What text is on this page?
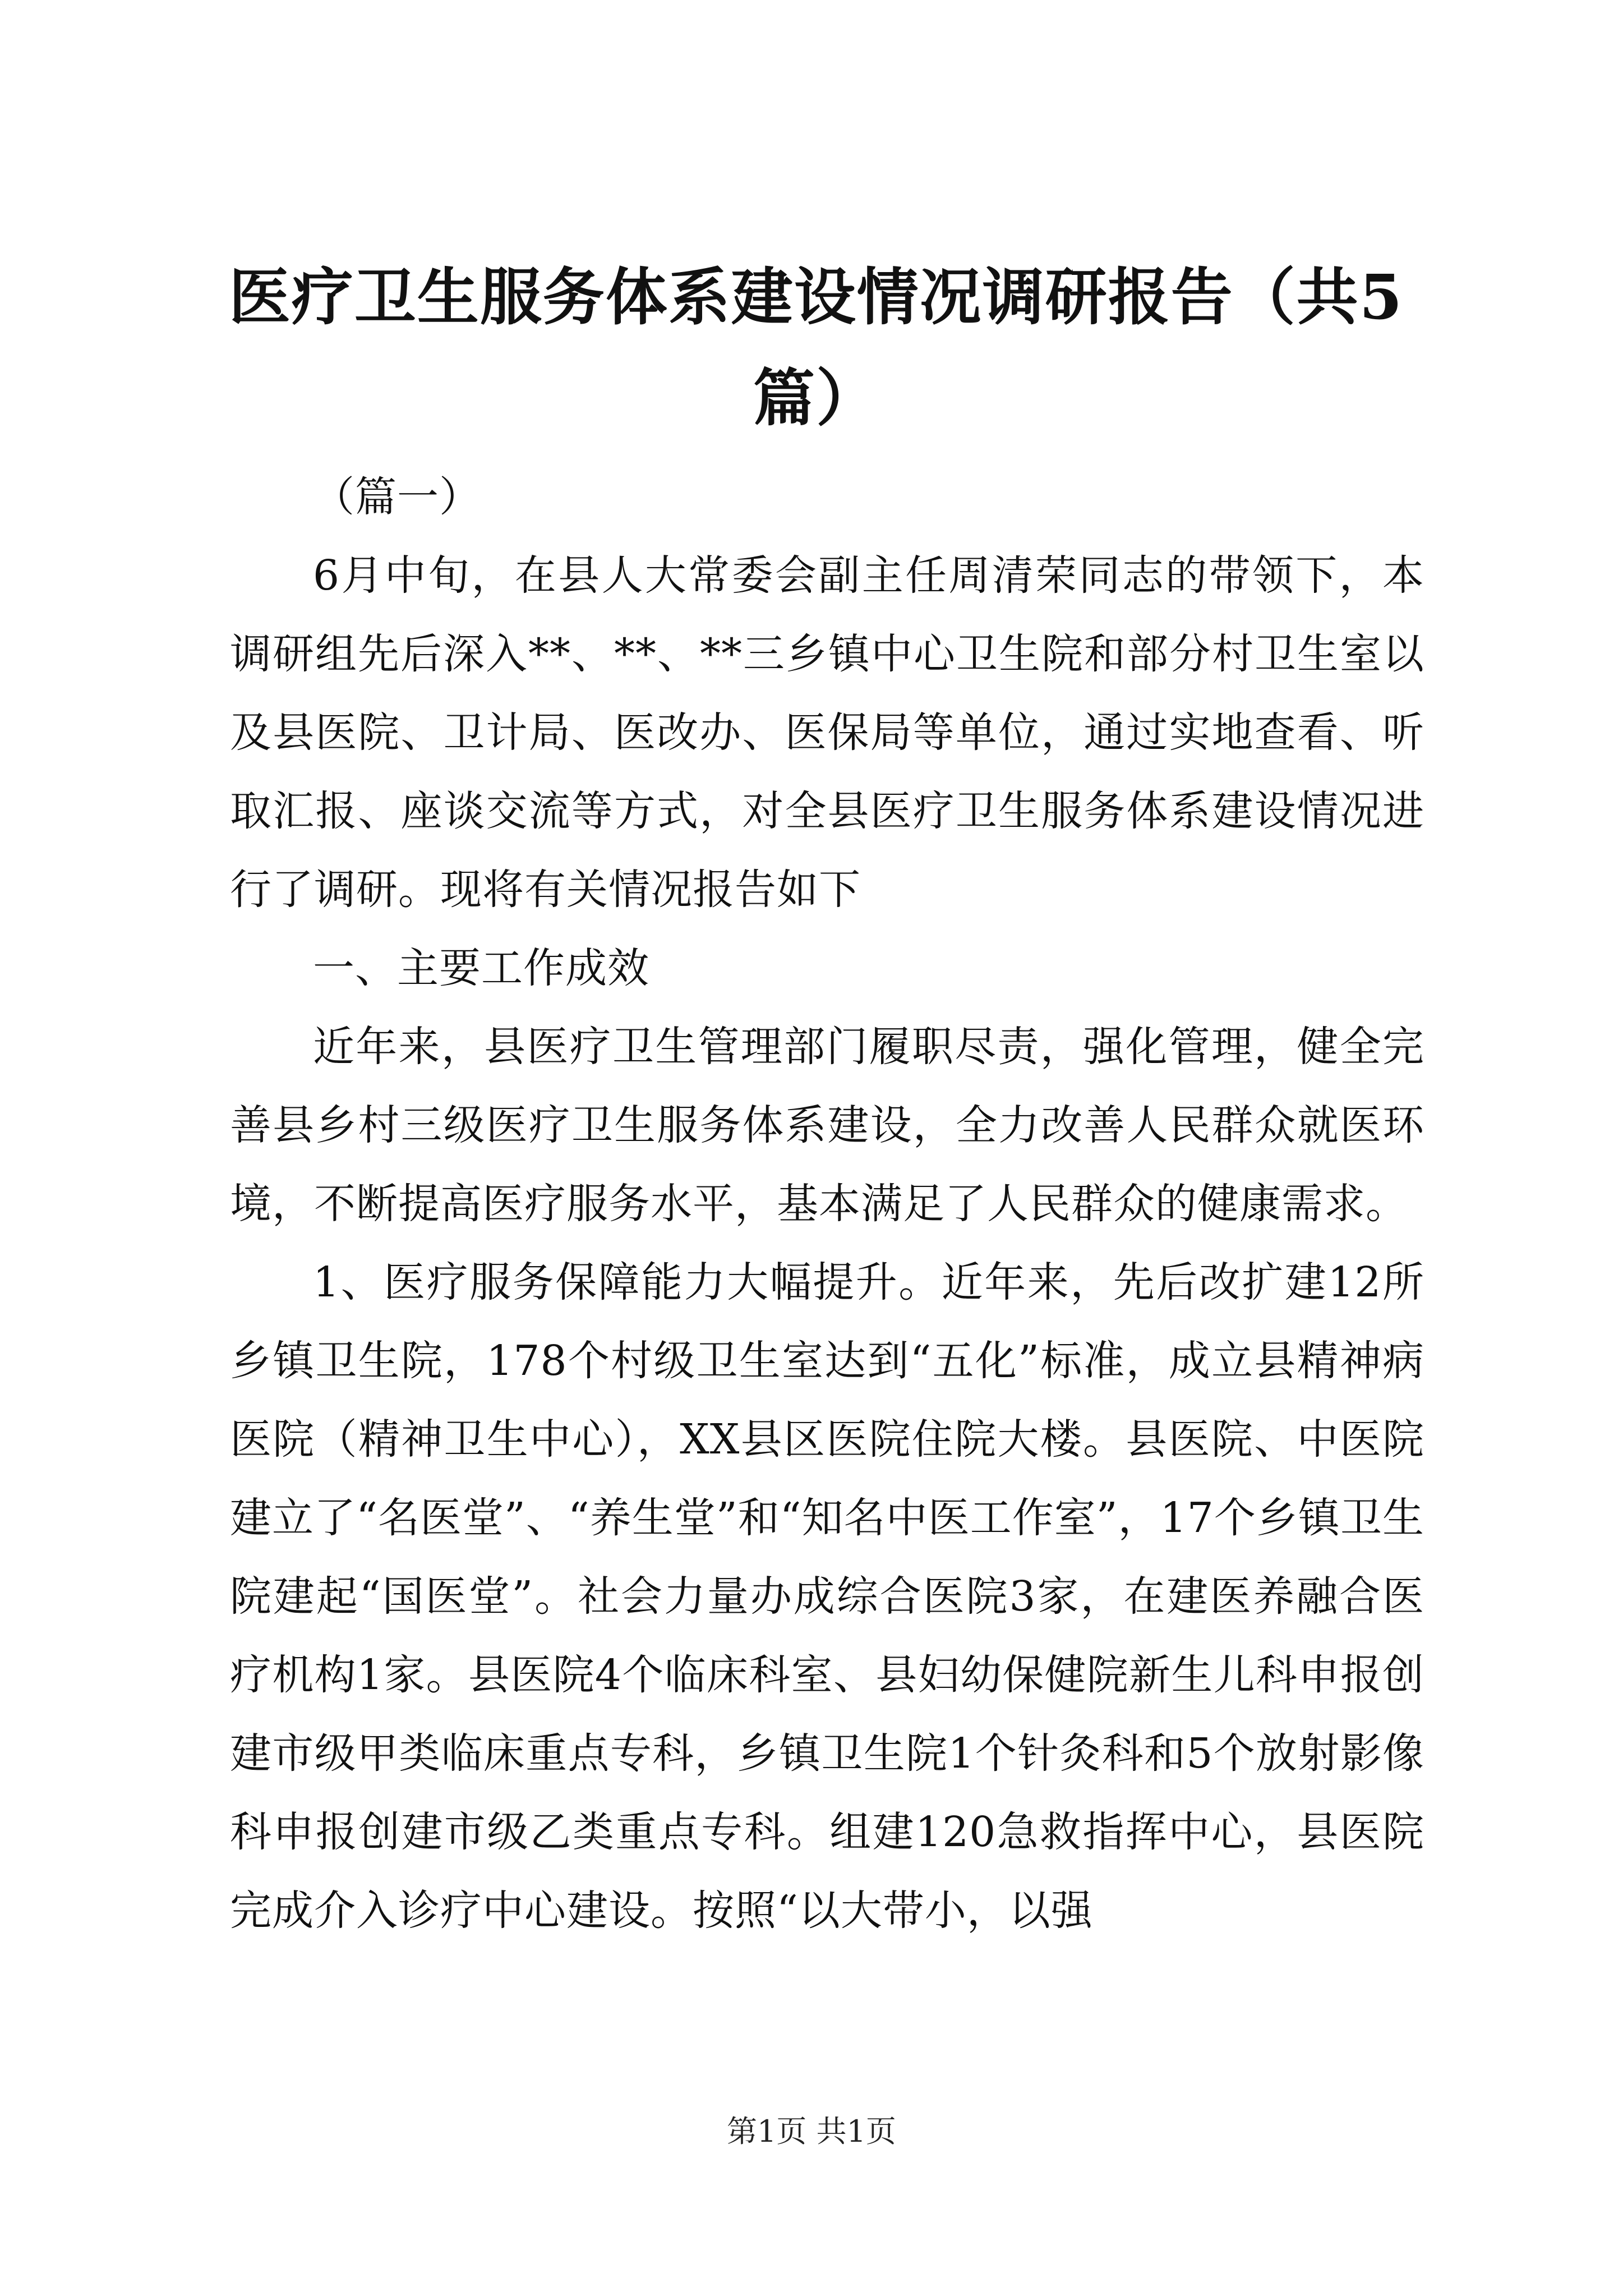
医疗卫生服务体系建设情况调研报告（共5篇）

（篇一）

6月中旬，在县人大常委会副主任周清荣同志的带领下，本调研组先后深入**、**、**三乡镇中心卫生院和部分村卫生室以及县医院、卫计局、医改办、医保局等单位，通过实地查看、听取汇报、座谈交流等方式，对全县医疗卫生服务体系建设情况进行了调研。现将有关情况报告如下

一、主要工作成效

近年来，县医疗卫生管理部门履职尽责，强化管理，健全完善县乡村三级医疗卫生服务体系建设，全力改善人民群众就医环境，不断提高医疗服务水平，基本满足了人民群众的健康需求。

1、医疗服务保障能力大幅提升。近年来，先后改扩建12所乡镇卫生院，178个村级卫生室达到“五化”标准，成立县精神病医院（精神卫生中心），XX县区医院住院大楼。县医院、中医院建立了“名医堂”、“养生堂”和“知名中医工作室”，17个乡镇卫生院建起“国医堂”。社会力量办成综合医院3家，在建医养融合医疗机构1家。县医院4个临床科室、县妇幼保健院新生儿科申报创建市级甲类临床重点专科，乡镇卫生院1个针灸科和5个放射影像科申报创建市级乙类重点专科。组建120急救指挥中心，县医院完成介入诊疗中心建设。按照“以大带小，以强

第1页 共1页
